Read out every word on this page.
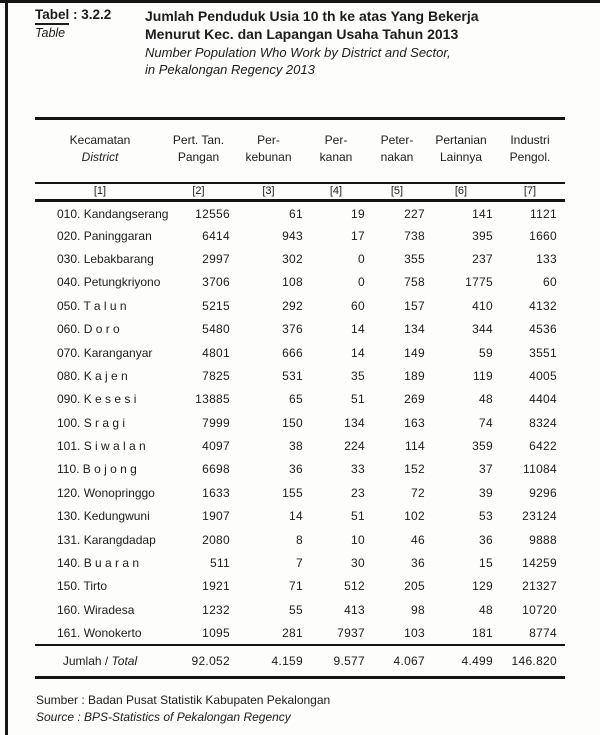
Tabel : 3.2.2
Table
Jumlah Penduduk Usia 10 th ke atas Yang Bekerja
Menurut Kec. dan Lapangan Usaha Tahun 2013
Number Population Who Work by District and Sector,
in Pekalongan Regency 2013
Kecamatan
District

Pert. Tan.
Pangan

Per-
kebunan

Per-
kanan

Peter-
nakan

Pertanian
Lainnya

Industri
Pengol.

[1]	[2]	[3]	[4]	[5]	[6]	[7]
010. Kandangserang	12556	61	19	227	141	1121
020. Paninggaran	6414	943	17	738	395	1660
030. Lebakbarang	2997	302	0	355	237	133
040. Petungkriyono	3706	108	0	758	1775	60
050. T a l u n	5215	292	60	157	410	4132
060. D o r o	5480	376	14	134	344	4536
070. Karanganyar	4801	666	14	149	59	3551
080. K a j e n	7825	531	35	189	119	4005
090. K e s e s i	13885	65	51	269	48	4404
100. S r a g i	7999	150	134	163	74	8324
101. S i w a l a n	4097	38	224	114	359	6422
110. B o j o n g	6698	36	33	152	37	11084
120. Wonopringgo	1633	155	23	72	39	9296
130. Kedungwuni	1907	14	51	102	53	23124
131. Karangdadap	2080	8	10	46	36	9888
140. B u a r a n	511	7	30	36	15	14259
150. Tirto	1921	71	512	205	129	21327
160. Wiradesa	1232	55	413	98	48	10720
161. Wonokerto	1095	281	7937	103	181	8774
Jumlah / Total	92.052	4.159	9.577	4.067	4.499	146.820
Sumber : Badan Pusat Statistik Kabupaten Pekalongan
Source : BPS-Statistics of Pekalongan Regency
